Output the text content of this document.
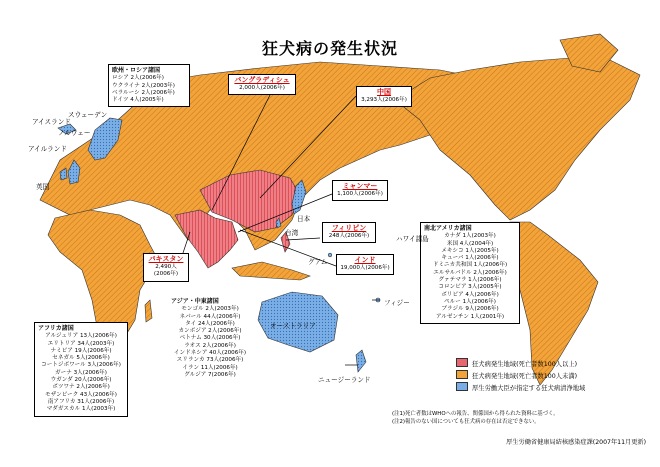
狂犬病の発生状況
欧州・ロシア諸国
ロシア 2人(2006年)
ウクライナ 2人(2003年)
ベラルーシ 2人(2006年)
ドイツ 4人(2005年)
バングラディシュ
2,000人(2006年)
中国
3,293人(2006年)
ミャンマー
1,100人(2006年)
フィリピン
248人(2006年)
インド
19,000人(2006年)
パキスタン
2,490人
(2006年)
アジア・中東諸国
モンゴル 2人(2003年)
ネパール 44人(2006年)
タイ 24人(2006年)
カンボジア 2人(2006年)
ベトナム 30人(2006年)
ラオス 2人(2006年)
インドネシア 40人(2006年)
スリランカ 73人(2006年)
イラン 11人(2006年)
グルジア 7(2006年)
アフリカ諸国
アルジェリア 13人(2006年)
エリトリア 34人(2003年)
ナミビア 19人(2006年)
セネガル 5人(2006年)
コートジボワール 3人(2006年)
ガーナ 3人(2006年)
ウガンダ 20人(2006年)
ボツワナ 2人(2006年)
モザンビーク 43人(2006年)
南アフリカ 31人(2006年)
マダガスカル 1人(2003年)
南北アメリカ諸国
カナダ 1人(2003年)
米国 4人(2004年)
メキシコ 1人(2005年)
キューバ 1人(2006年)
ドミニカ共和国 1人(2006年)
エルサルバドル 2人(2006年)
グァテマラ 1人(2006年)
コロンビア 3人(2005年)
ボリビア 4人(2006年)
ペルー 1人(2006年)
ブラジル 9人(2006年)
アルゼンチン 1人(2001年)
アイスランド
ノルウェー
スウェーデン
アイルランド
英国
日本
台湾
グアム
ハワイ諸島
フィジー
オーストラリア
ニュージーランド
狂犬病発生地域(死亡者数100人以上)
狂犬病発生地域(死亡者数100人未満)
厚生労働大臣が指定する狂犬病清浄地域
(注1)死亡者数はWHOへの報告、関係国から得られた資料に基づく。
(注2)報告のない国についても狂犬病の存在は否定できない。
厚生労働省健康局結核感染症課(2007年11月更新)
